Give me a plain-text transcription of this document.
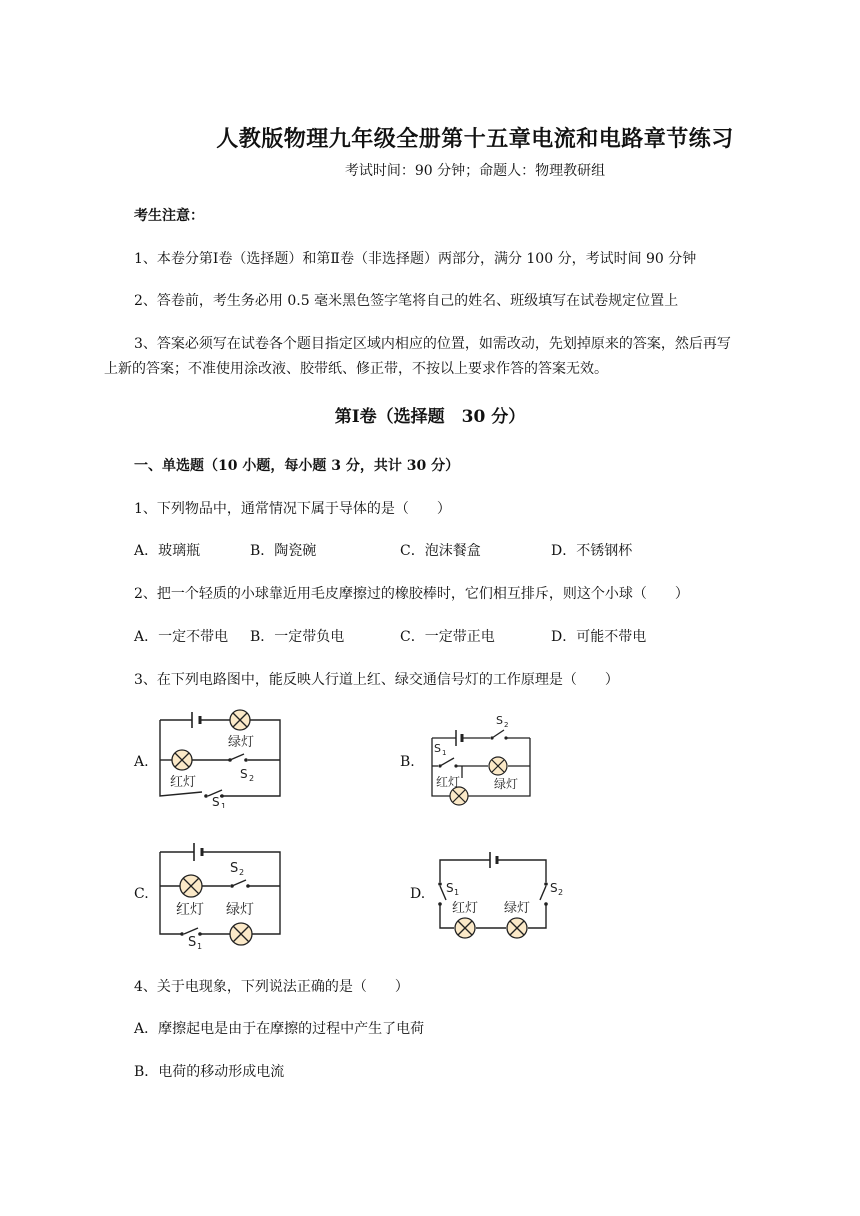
人教版物理九年级全册第十五章电流和电路章节练习
考试时间：90 分钟；命题人：物理教研组
考生注意：
1、本卷分第Ⅰ卷（选择题）和第Ⅱ卷（非选择题）两部分，满分 100 分，考试时间 90 分钟
2、答卷前，考生务必用 0.5 毫米黑色签字笔将自己的姓名、班级填写在试卷规定位置上
3、答案必须写在试卷各个题目指定区域内相应的位置，如需改动，先划掉原来的答案，然后再写
上新的答案；不准使用涂改液、胶带纸、修正带，不按以上要求作答的答案无效。
第Ⅰ卷（选择题　30 分）
一、单选题（10 小题，每小题 3 分，共计 30 分）
1、下列物品中，通常情况下属于导体的是（　　）
A．玻璃瓶	B．陶瓷碗	C．泡沫餐盒	D．不锈钢杯
2、把一个轻质的小球靠近用毛皮摩擦过的橡胶棒时，它们相互排斥，则这个小球（　　）
A．一定不带电 B．一定带负电	C．一定带正电	D．可能不带电
3、在下列电路图中，能反映人行道上红、绿交通信号灯的工作原理是（　　）
A.
绿灯
红灯
S 2
S 1
B.
红灯	绿灯
S 2
S 1
C.
红灯 绿灯
S 2
S 1
D.
红灯 绿灯
S 1	S 2
4、关于电现象，下列说法正确的是（　　）
A．摩擦起电是由于在摩擦的过程中产生了电荷
B．电荷的移动形成电流
